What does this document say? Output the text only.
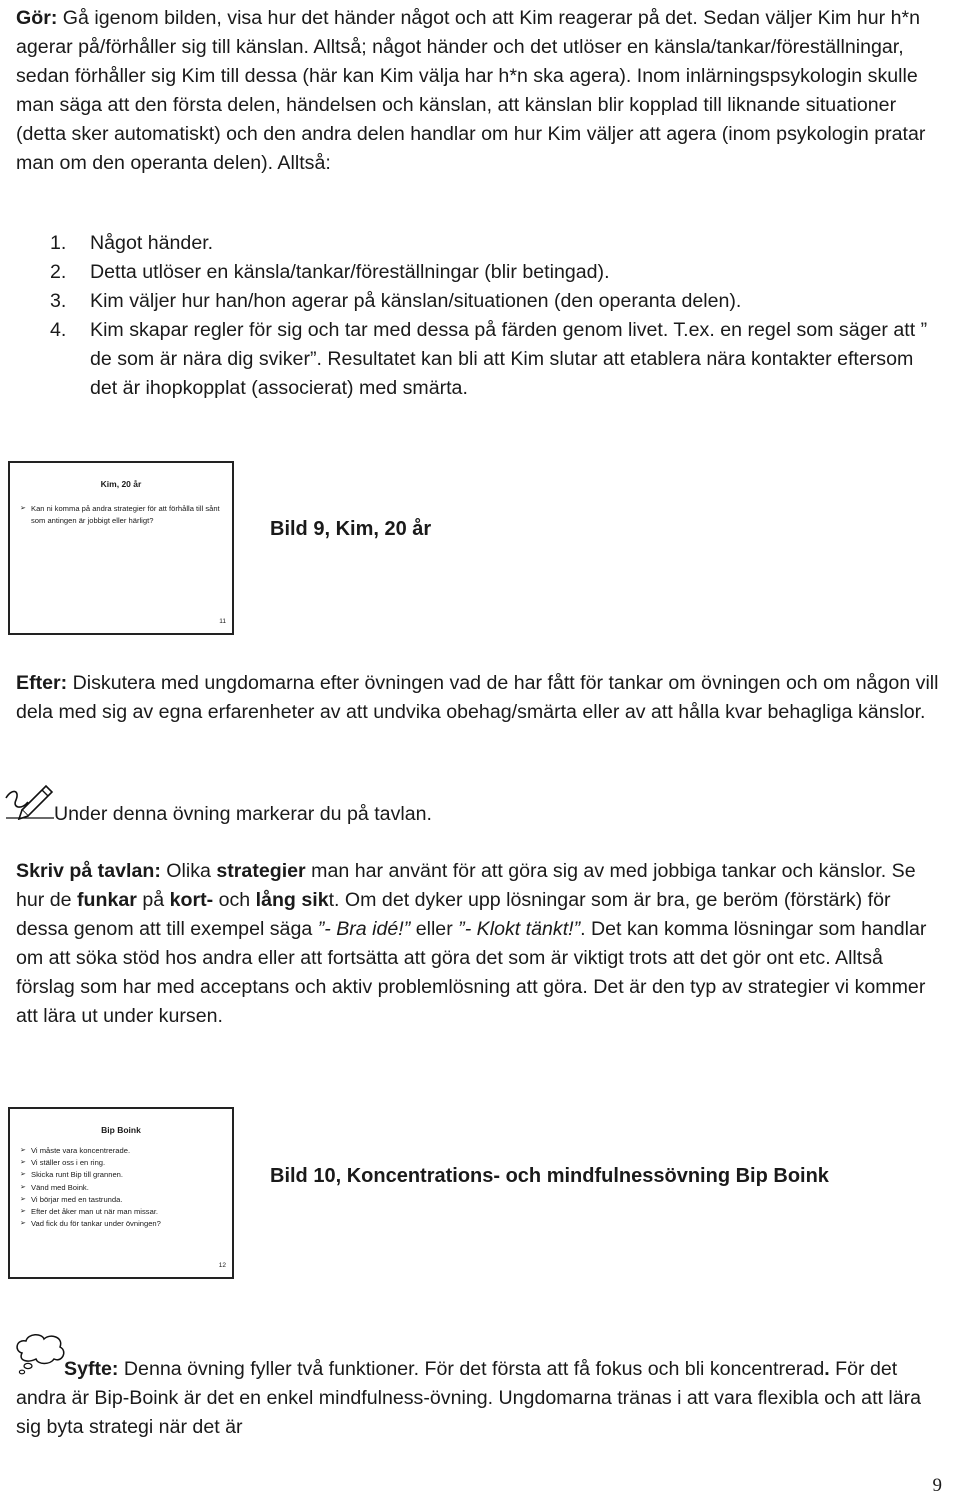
Gör: Gå igenom bilden, visa hur det händer något och att Kim reagerar på det. Sedan väljer Kim hur h*n agerar på/förhåller sig till känslan. Alltså; något händer och det utlöser en känsla/tankar/föreställningar, sedan förhåller sig Kim till dessa (här kan Kim välja har h*n ska agera). Inom inlärningspsykologin skulle man säga att den första delen, händelsen och känslan, att känslan blir kopplad till liknande situationer (detta sker automatiskt) och den andra delen handlar om hur Kim väljer att agera (inom psykologin pratar man om den operanta delen). Alltså:

1. Något händer.
2. Detta utlöser en känsla/tankar/föreställningar (blir betingad).
3. Kim väljer hur han/hon agerar på känslan/situationen (den operanta delen).
4. Kim skapar regler för sig och tar med dessa på färden genom livet. T.ex. en regel som säger att ” de som är nära dig sviker”. Resultatet kan bli att Kim slutar att etablera nära kontakter eftersom det är ihopkopplat (associerat) med smärta.
Kim, 20 år
➢ Kan ni komma på andra strategier för att förhålla till sånt som antingen är jobbigt eller härligt?
11

Bild 9, Kim, 20 år

Efter: Diskutera med ungdomarna efter övningen vad de har fått för tankar om övningen och om någon vill dela med sig av egna erfarenheter av att undvika obehag/smärta eller av att hålla kvar behagliga känslor.

Under denna övning markerar du på tavlan.

Skriv på tavlan: Olika strategier man har använt för att göra sig av med jobbiga tankar och känslor. Se hur de funkar på kort- och lång sikt. Om det dyker upp lösningar som är bra, ge beröm (förstärk) för dessa genom att till exempel säga ”- Bra idé!” eller ”- Klokt tänkt!”. Det kan komma lösningar som handlar om att söka stöd hos andra eller att fortsätta att göra det som är viktigt trots att det gör ont etc. Alltså förslag som har med acceptans och aktiv problemlösning att göra. Det är den typ av strategier vi kommer att lära ut under kursen.

Bip Boink
➢ Vi måste vara koncentrerade.
➢ Vi ställer oss i en ring.
➢ Skicka runt Bip till grannen.
➢ Vänd med Boink.
➢ Vi börjar med en tastrunda.
➢ Efter det åker man ut när man missar.
➢ Vad fick du för tankar under övningen?
12

Bild 10, Koncentrations- och mindfulnessövning Bip Boink

Syfte: Denna övning fyller två funktioner. För det första att få fokus och bli koncentrerad. För det andra är Bip-Boink är det en enkel mindfulness-övning. Ungdomarna tränas i att vara flexibla och att lära sig byta strategi när det är

9
